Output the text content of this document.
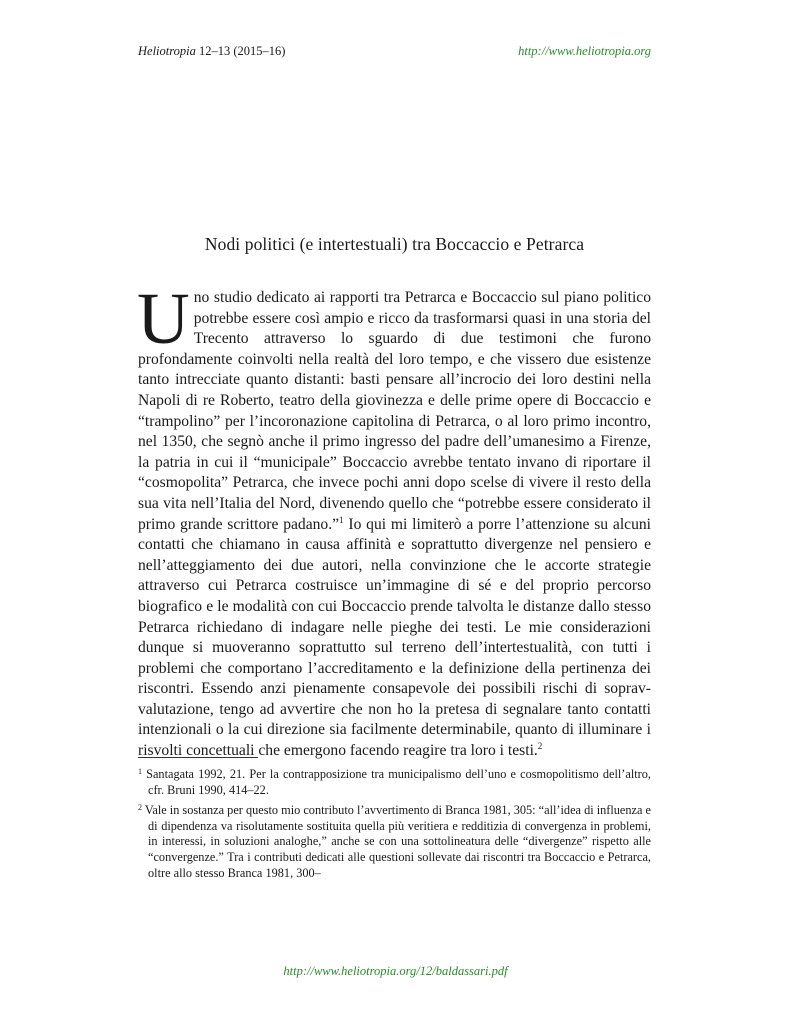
Heliotropia 12–13 (2015–16)	http://www.heliotropia.org
Nodi politici (e intertestuali) tra Boccaccio e Petrarca
Uno studio dedicato ai rapporti tra Petrarca e Boccaccio sul piano politico potrebbe essere così ampio e ricco da trasformarsi quasi in una storia del Trecento attraverso lo sguardo di due testimoni che furono profondamente coinvolti nella realtà del loro tempo, e che vissero due esistenze tanto intrecciate quanto distanti: basti pensare all’incrocio dei loro destini nella Napoli di re Roberto, teatro della giovinezza e delle prime opere di Boccaccio e “trampolino” per l’incoronazione capitolina di Petrarca, o al loro primo incontro, nel 1350, che segnò anche il primo ingresso del padre dell’umanesimo a Firenze, la patria in cui il “municipale” Boccaccio avrebbe tentato invano di riportare il “cosmopolita” Petrarca, che invece pochi anni dopo scelse di vivere il resto della sua vita nell’Italia del Nord, divenendo quello che “potrebbe essere considerato il primo grande scrittore padano.”$^1$ Io qui mi limiterò a porre l’attenzione su alcuni contatti che chiamano in causa affinità e soprattutto divergenze nel pensiero e nell’atteggiamento dei due autori, nella convinzione che le accorte strategie attraverso cui Petrarca costruisce un’immagine di sé e del proprio percorso biografico e le modalità con cui Boccaccio prende talvolta le distanze dallo stesso Petrarca richiedano di indagare nelle pieghe dei testi. Le mie considerazioni dunque si muoveranno soprattutto sul terreno dell’intertestualità, con tutti i problemi che comportano l’accreditamento e la definizione della pertinenza dei riscontri. Essendo anzi pienamente consapevole dei possibili rischi di sopravvalutazione, tengo ad avvertire che non ho la pretesa di segnalare tanto contatti intenzionali o la cui direzione sia facilmente determinabile, quanto di illuminare i risvolti concettuali che emergono facendo reagire tra loro i testi.$^2$
$^1$ Santagata 1992, 21. Per la contrapposizione tra municipalismo dell’uno e cosmopolitismo dell’altro, cfr. Bruni 1990, 414–22.
$^2$ Vale in sostanza per questo mio contributo l’avvertimento di Branca 1981, 305: “all’idea di influenza e di dipendenza va risolutamente sostituita quella più veritiera e redditizia di convergenza in problemi, in interessi, in soluzioni analoghe,” anche se con una sottolineatura delle “divergenze” rispetto alle “convergenze.” Tra i contributi dedicati alle questioni sollevate dai riscontri tra Boccaccio e Petrarca, oltre allo stesso Branca 1981, 300–
http://www.heliotropia.org/12/baldassari.pdf
